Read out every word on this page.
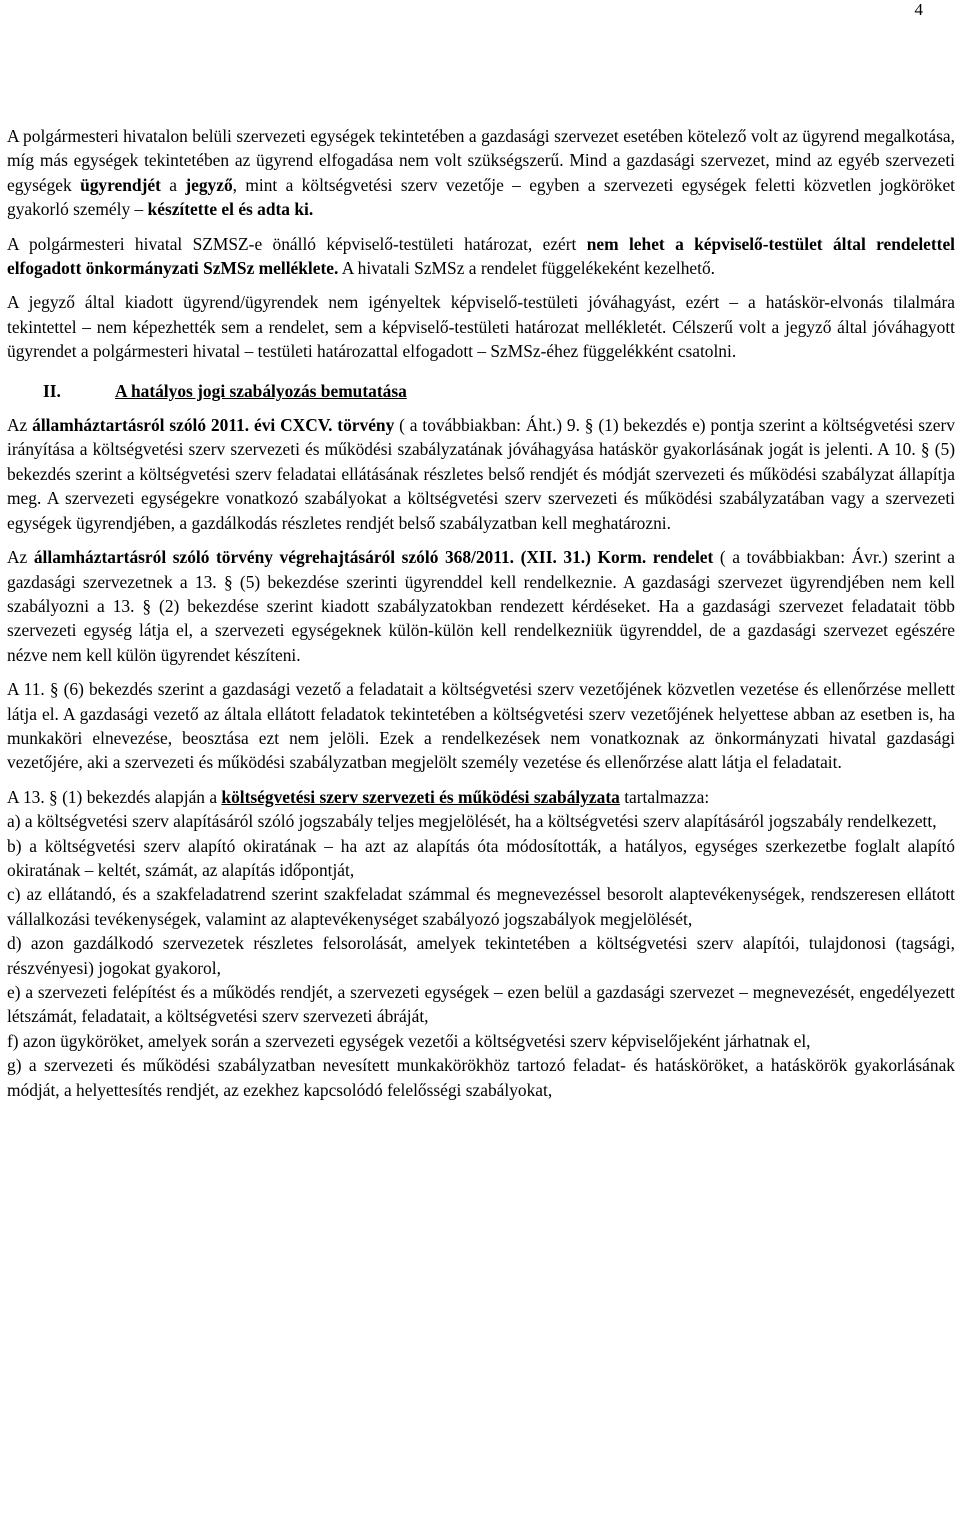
4

A polgármesteri hivatalon belüli szervezeti egységek tekintetében a gazdasági szervezet esetében kötelező volt az ügyrend megalkotása, míg más egységek tekintetében az ügyrend elfogadása nem volt szükségszerű. Mind a gazdasági szervezet, mind az egyéb szervezeti egységek ügyrendjét a jegyző, mint a költségvetési szerv vezetője – egyben a szervezeti egységek feletti közvetlen jogköröket gyakorló személy – készítette el és adta ki.

A polgármesteri hivatal SZMSZ-e önálló képviselő-testületi határozat, ezért nem lehet a képviselő-testület által rendelettel elfogadott önkormányzati SzMSz melléklete. A hivatali SzMSz a rendelet függelékeként kezelhető.

A jegyző által kiadott ügyrend/ügyrendek nem igényeltek képviselő-testületi jóváhagyást, ezért – a hatáskör-elvonás tilalmára tekintettel – nem képezhették sem a rendelet, sem a képviselő-testületi határozat mellékletét. Célszerű volt a jegyző által jóváhagyott ügyrendet a polgármesteri hivatal – testületi határozattal elfogadott – SzMSz-éhez függelékként csatolni.

II.	A hatályos jogi szabályozás bemutatása

Az államháztartásról szóló 2011. évi CXCV. törvény ( a továbbiakban: Áht.) 9. § (1) bekezdés e) pontja szerint a költségvetési szerv irányítása a költségvetési szerv szervezeti és működési szabályzatának jóváhagyása hatáskör gyakorlásának jogát is jelenti. A 10. § (5) bekezdés szerint a költségvetési szerv feladatai ellátásának részletes belső rendjét és módját szervezeti és működési szabályzat állapítja meg. A szervezeti egységekre vonatkozó szabályokat a költségvetési szerv szervezeti és működési szabályzatában vagy a szervezeti egységek ügyrendjében, a gazdálkodás részletes rendjét belső szabályzatban kell meghatározni.

Az államháztartásról szóló törvény végrehajtásáról szóló 368/2011. (XII. 31.) Korm. rendelet ( a továbbiakban: Ávr.) szerint a gazdasági szervezetnek a 13. § (5) bekezdése szerinti ügyrenddel kell rendelkeznie. A gazdasági szervezet ügyrendjében nem kell szabályozni a 13. § (2) bekezdése szerint kiadott szabályzatokban rendezett kérdéseket. Ha a gazdasági szervezet feladatait több szervezeti egység látja el, a szervezeti egységeknek külön-külön kell rendelkezniük ügyrenddel, de a gazdasági szervezet egészére nézve nem kell külön ügyrendet készíteni.

A 11. § (6) bekezdés szerint a gazdasági vezető a feladatait a költségvetési szerv vezetőjének közvetlen vezetése és ellenőrzése mellett látja el. A gazdasági vezető az általa ellátott feladatok tekintetében a költségvetési szerv vezetőjének helyettese abban az esetben is, ha munkaköri elnevezése, beosztása ezt nem jelöli. Ezek a rendelkezések nem vonatkoznak az önkormányzati hivatal gazdasági vezetőjére, aki a szervezeti és működési szabályzatban megjelölt személy vezetése és ellenőrzése alatt látja el feladatait.

A 13. § (1) bekezdés alapján a költségvetési szerv szervezeti és működési szabályzata tartalmazza:

a) a költségvetési szerv alapításáról szóló jogszabály teljes megjelölését, ha a költségvetési szerv alapításáról jogszabály rendelkezett,

b) a költségvetési szerv alapító okiratának – ha azt az alapítás óta módosították, a hatályos, egységes szerkezetbe foglalt alapító okiratának – keltét, számát, az alapítás időpontját,

c) az ellátandó, és a szakfeladatrend szerint szakfeladat számmal és megnevezéssel besorolt alaptevékenységek, rendszeresen ellátott vállalkozási tevékenységek, valamint az alaptevékenységet szabályozó jogszabályok megjelölését,

d) azon gazdálkodó szervezetek részletes felsorolását, amelyek tekintetében a költségvetési szerv alapítói, tulajdonosi (tagsági, részvényesi) jogokat gyakorol,

e) a szervezeti felépítést és a működés rendjét, a szervezeti egységek – ezen belül a gazdasági szervezet – megnevezését, engedélyezett létszámát, feladatait, a költségvetési szerv szervezeti ábráját,

f) azon ügyköröket, amelyek során a szervezeti egységek vezetői a költségvetési szerv képviselőjeként járhatnak el,

g) a szervezeti és működési szabályzatban nevesített munkakörökhöz tartozó feladat- és hatásköröket, a hatáskörök gyakorlásának módját, a helyettesítés rendjét, az ezekhez kapcsolódó felelősségi szabályokat,
